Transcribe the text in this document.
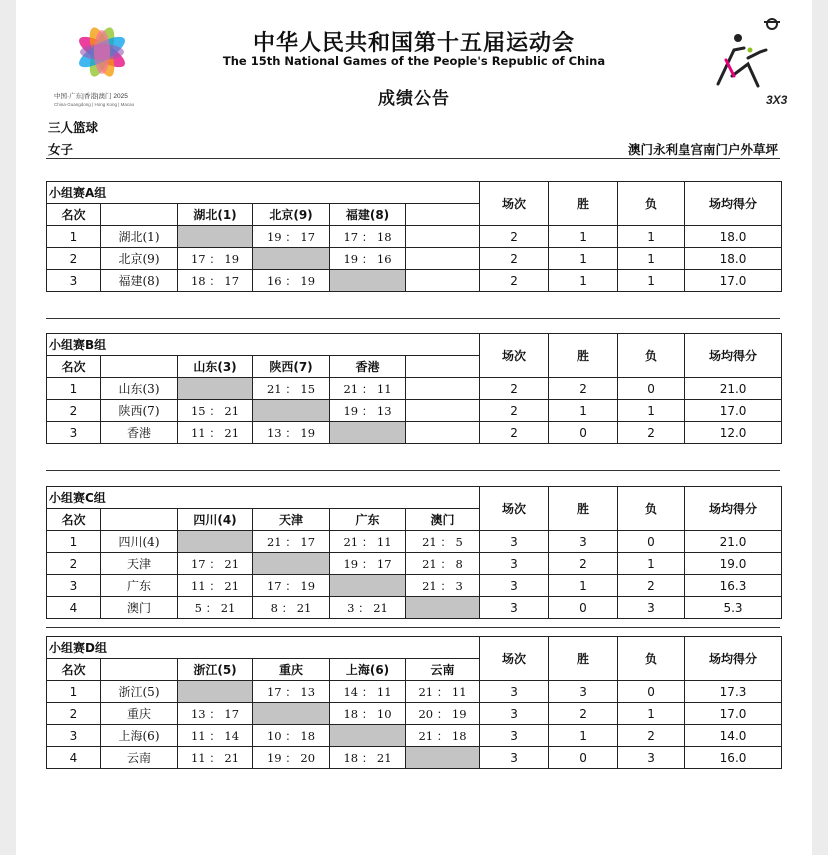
中国·广东|香港|澳门 2025
China·Guangdong | Hong Kong | Macao
中华人民共和国第十五届运动会
The 15th National Games of the People's Republic of China
成绩公告	3X3
三人篮球
女子	澳门永利皇宫南门户外草坪
小组赛A组						场次	胜	负	场均得分
名次		湖北(1)	北京(9)	福建(8)					
1	湖北(1)		19 ： 17	17 ： 18		2	1	1	18.0
2	北京(9)	17 ： 19		19 ： 16		2	1	1	18.0
3	福建(8)	18 ： 17	16 ： 19			2	1	1	17.0
小组赛B组						场次	胜	负	场均得分
名次		山东(3)	陕西(7)	香港					
1	山东(3)		21 ： 15	21 ： 11		2	2	0	21.0
2	陕西(7)	15 ： 21		19 ： 13		2	1	1	17.0
3	香港	11 ： 21	13 ： 19			2	0	2	12.0
小组赛C组						场次	胜	负	场均得分
名次		四川(4)	天津	广东	澳门				
1	四川(4)		21 ： 17	21 ： 11	21 ： 5	3	3	0	21.0
2	天津	17 ： 21		19 ： 17	21 ： 8	3	2	1	19.0
3	广东	11 ： 21	17 ： 19		21 ： 3	3	1	2	16.3
4	澳门	5 ： 21	8 ： 21	3 ： 21		3	0	3	5.3
小组赛D组						场次	胜	负	场均得分
名次		浙江(5)	重庆	上海(6)	云南				
1	浙江(5)		17 ： 13	14 ： 11	21 ： 11	3	3	0	17.3
2	重庆	13 ： 17		18 ： 10	20 ： 19	3	2	1	17.0
3	上海(6)	11 ： 14	10 ： 18		21 ： 18	3	1	2	14.0
4	云南	11 ： 21	19 ： 20	18 ： 21		3	0	3	16.0
